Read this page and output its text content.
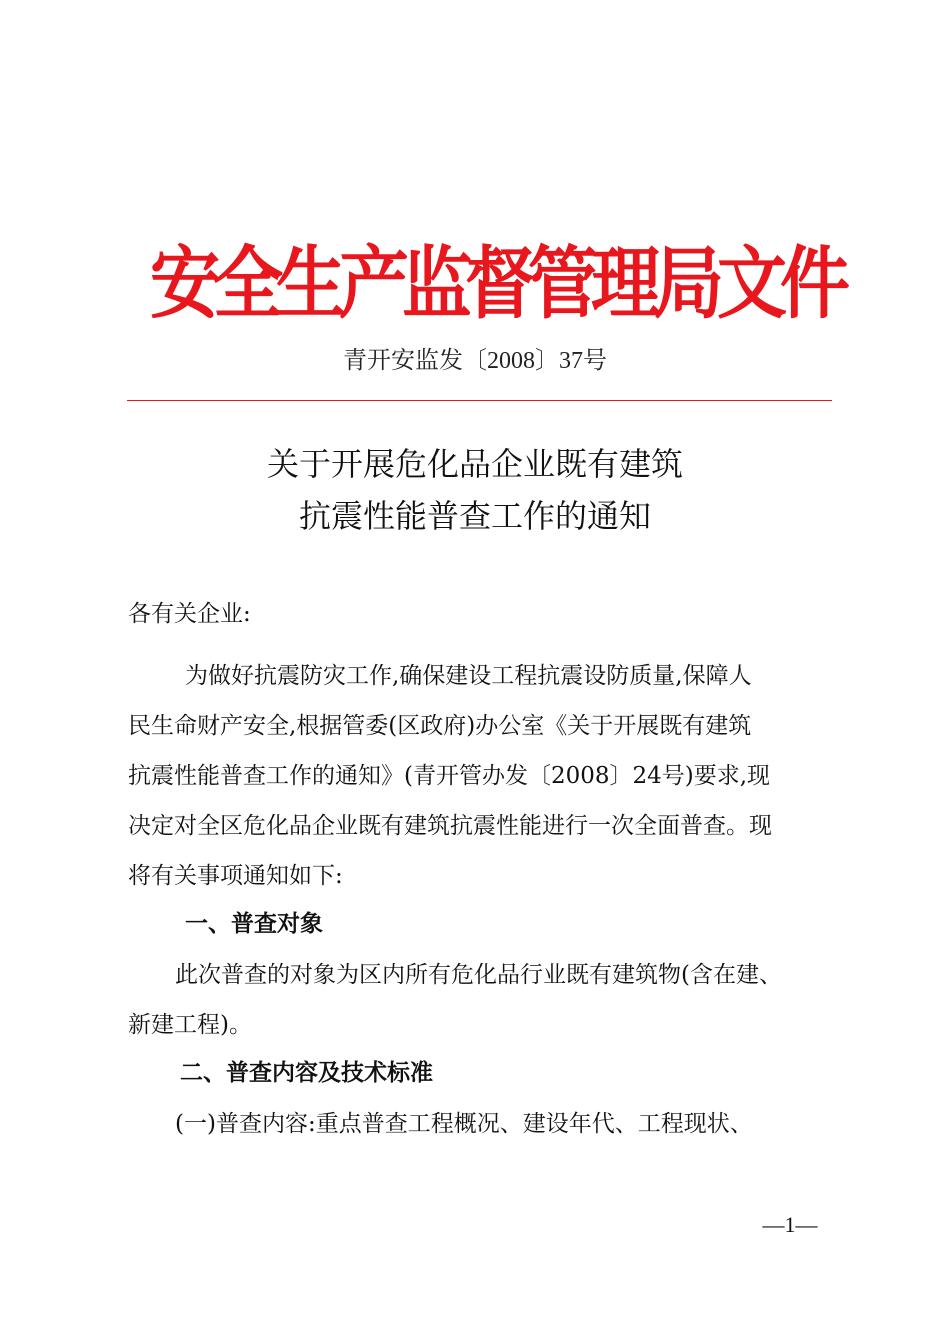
安全生产监督管理局文件
青开安监发〔2008〕37号
关于开展危化品企业既有建筑
抗震性能普查工作的通知
各有关企业:
为做好抗震防灾工作,确保建设工程抗震设防质量,保障人
民生命财产安全,根据管委(区政府)办公室《关于开展既有建筑
抗震性能普查工作的通知》(青开管办发〔2008〕24号)要求,现
决定对全区危化品企业既有建筑抗震性能进行一次全面普查。现
将有关事项通知如下:
一、普查对象
此次普查的对象为区内所有危化品行业既有建筑物(含在建、
新建工程)。
二、普查内容及技术标准
(一)普查内容:重点普查工程概况、建设年代、工程现状、
—1—
